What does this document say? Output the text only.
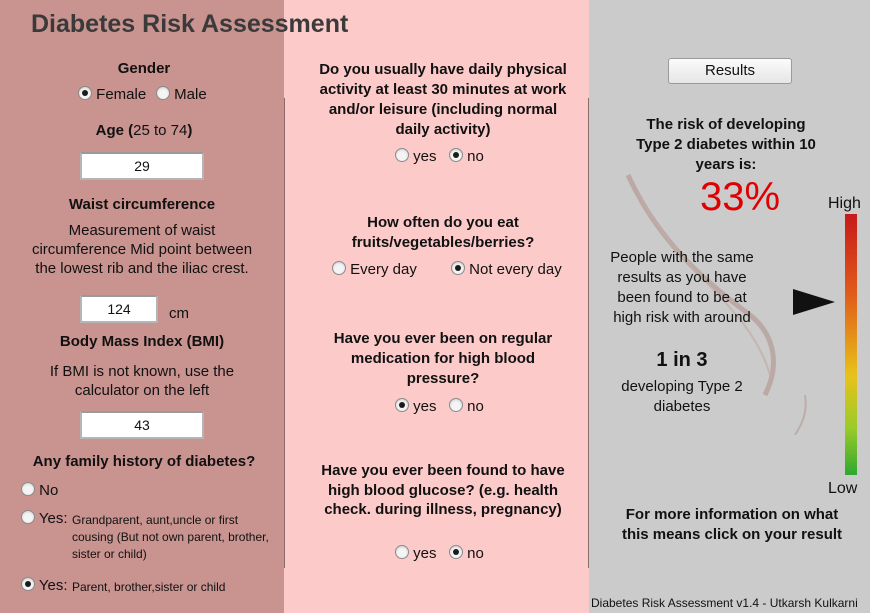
Diabetes Risk Assessment
Gender
Female	Male
Age (25 to 74)
29
Waist circumference
Measurement of waist circumference Mid point between the lowest rib and the iliac crest.
124	cm
Body Mass Index (BMI)
If BMI is not known, use the calculator on the left
43
Any family history of diabetes?
No
Yes: Grandparent, aunt,uncle or first cousing (But not own parent, brother, sister or child)
Yes: Parent, brother,sister or child
Do you usually have daily physical activity at least 30 minutes at work and/or leisure (including normal daily activity)
yes	no
How often do you eat fruits/vegetables/berries?
Every day	Not every day
Have you ever been on regular medication for high blood pressure?
yes	no
Have you ever been found to have high blood glucose? (e.g. health check. during illness, pregnancy)
yes	no
Results
The risk of developing Type 2 diabetes within 10 years is:
33%
People with the same results as you have been found to be at high risk with around
1 in 3
developing Type 2 diabetes
High
Low
For more information on what this means click on your result
Diabetes Risk Assessment v1.4 - Utkarsh Kulkarni
